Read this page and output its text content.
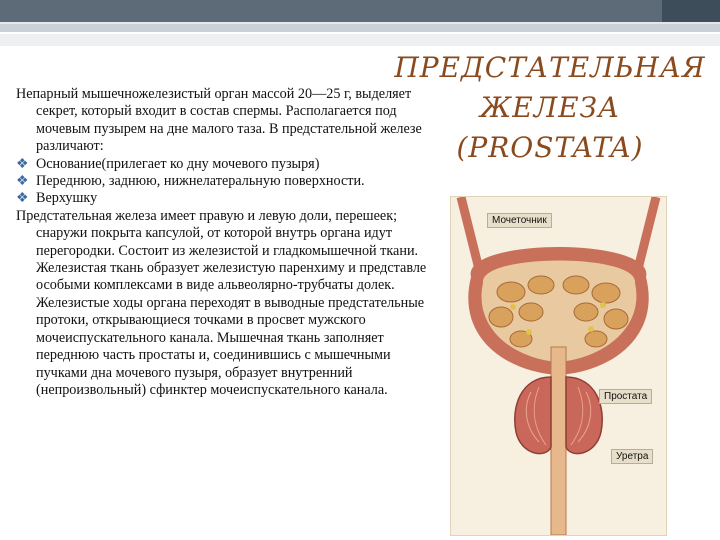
ПРЕДСТАТЕЛЬНАЯ
ЖЕЛЕЗА
(PROSTATA)

Непарный мышечножелезистый орган массой 20—25 г, выделяет секрет, который входит в состав спермы. Располагается под мочевым пузырем на дне малого таза. В предстательной железе различают:

❖ Основание(прилегает ко дну мочевого пузыря)
❖ Переднюю, заднюю, нижнелатеральную поверхности.
❖ Верхушку

Предстательная железа имеет правую и левую доли, перешеек; снаружи покрыта капсулой, от которой внутрь органа идут перегородки. Состоит из железистой и гладкомышечной ткани. Железистая ткань образует железистую паренхиму и представле особыми комплексами в виде альвеолярно-трубчаты долек. Железистые ходы органа переходят в выводные предстательные протоки, открывающиеся точками в просвет мужского мочеиспускательного канала. Мышечная ткань заполняет переднюю часть простаты и, соединившись с мышечными пучками дна мочевого пузыря, образует внутренний (непроизвольный) сфинктер мочеиспускательного канала.

Мочеточник
Простата
Уретра
